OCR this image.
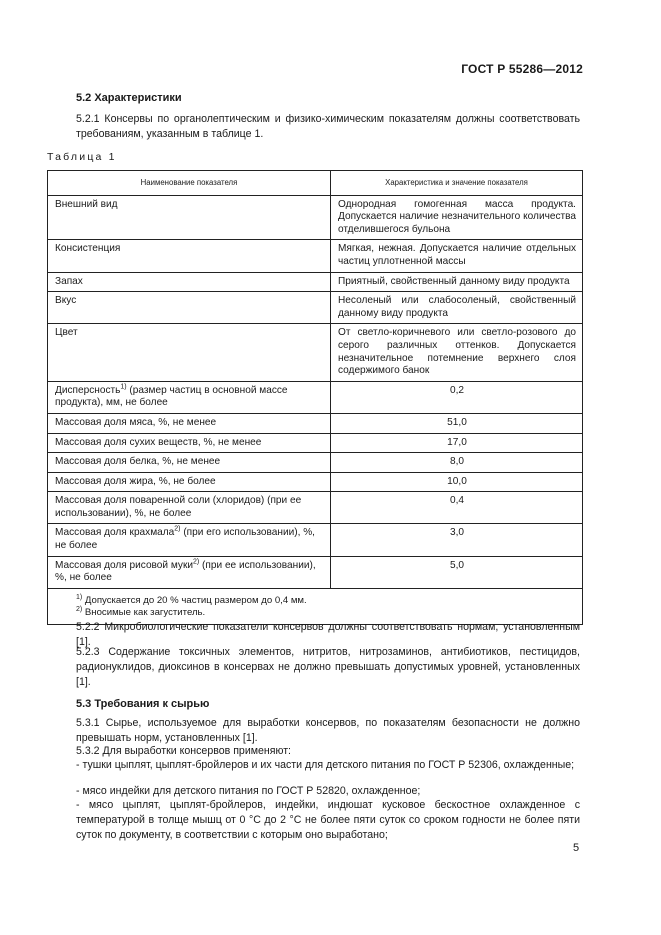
ГОСТ Р 55286—2012
5.2 Характеристики
5.2.1 Консервы по органолептическим и физико-химическим показателям должны соответствовать требованиям, указанным в таблице 1.
Таблица 1
Наименование показателя	Характеристика и значение показателя
Внешний вид	Однородная гомогенная масса продукта. Допускается наличие незначительного количества отделившегося бульона
Консистенция	Мягкая, нежная. Допускается наличие отдельных частиц уплотненной массы
Запах	Приятный, свойственный данному виду продукта
Вкус	Несоленый или слабосоленый, свойственный данному виду продукта
Цвет	От светло-коричневого или светло-розового до серого различных оттенков. Допускается незначительное потемнение верхнего слоя содержимого банок
Дисперсность$^{1)}$ (размер частиц в основной массе продукта), мм, не более	0,2
Массовая доля мяса, %, не менее	51,0
Массовая доля сухих веществ, %, не менее	17,0
Массовая доля белка, %, не менее	8,0
Массовая доля жира, %, не более	10,0
Массовая доля поваренной соли (хлоридов) (при ее использовании), %, не более	0,4
Массовая доля крахмала$^{2)}$ (при его использовании), %, не более	3,0
Массовая доля рисовой муки$^{2)}$ (при ее использовании), %, не более	5,0

$^{1)}$ Допускается до 20 % частиц размером до 0,4 мм.
$^{2)}$ Вносимые как загуститель.	
5.2.2 Микробиологические показатели консервов должны соответствовать нормам, установленным [1].
5.2.3 Содержание токсичных элементов, нитритов, нитрозаминов, антибиотиков, пестицидов, радионуклидов, диоксинов в консервах не должно превышать допустимых уровней, установленных [1].
5.3 Требования к сырью
5.3.1 Сырье, используемое для выработки консервов, по показателям безопасности не должно превышать норм, установленных [1].
5.3.2 Для выработки консервов применяют:
- тушки цыплят, цыплят-бройлеров и их части для детского питания по ГОСТ Р 52306, охлажденные;
- мясо индейки для детского питания по ГОСТ Р 52820, охлажденное;
- мясо цыплят, цыплят-бройлеров, индейки, индюшат кусковое бескостное охлажденное с температурой в толще мышц от 0 °С до 2 °С не более пяти суток со сроком годности не более пяти суток по документу, в соответствии с которым оно выработано;
5
